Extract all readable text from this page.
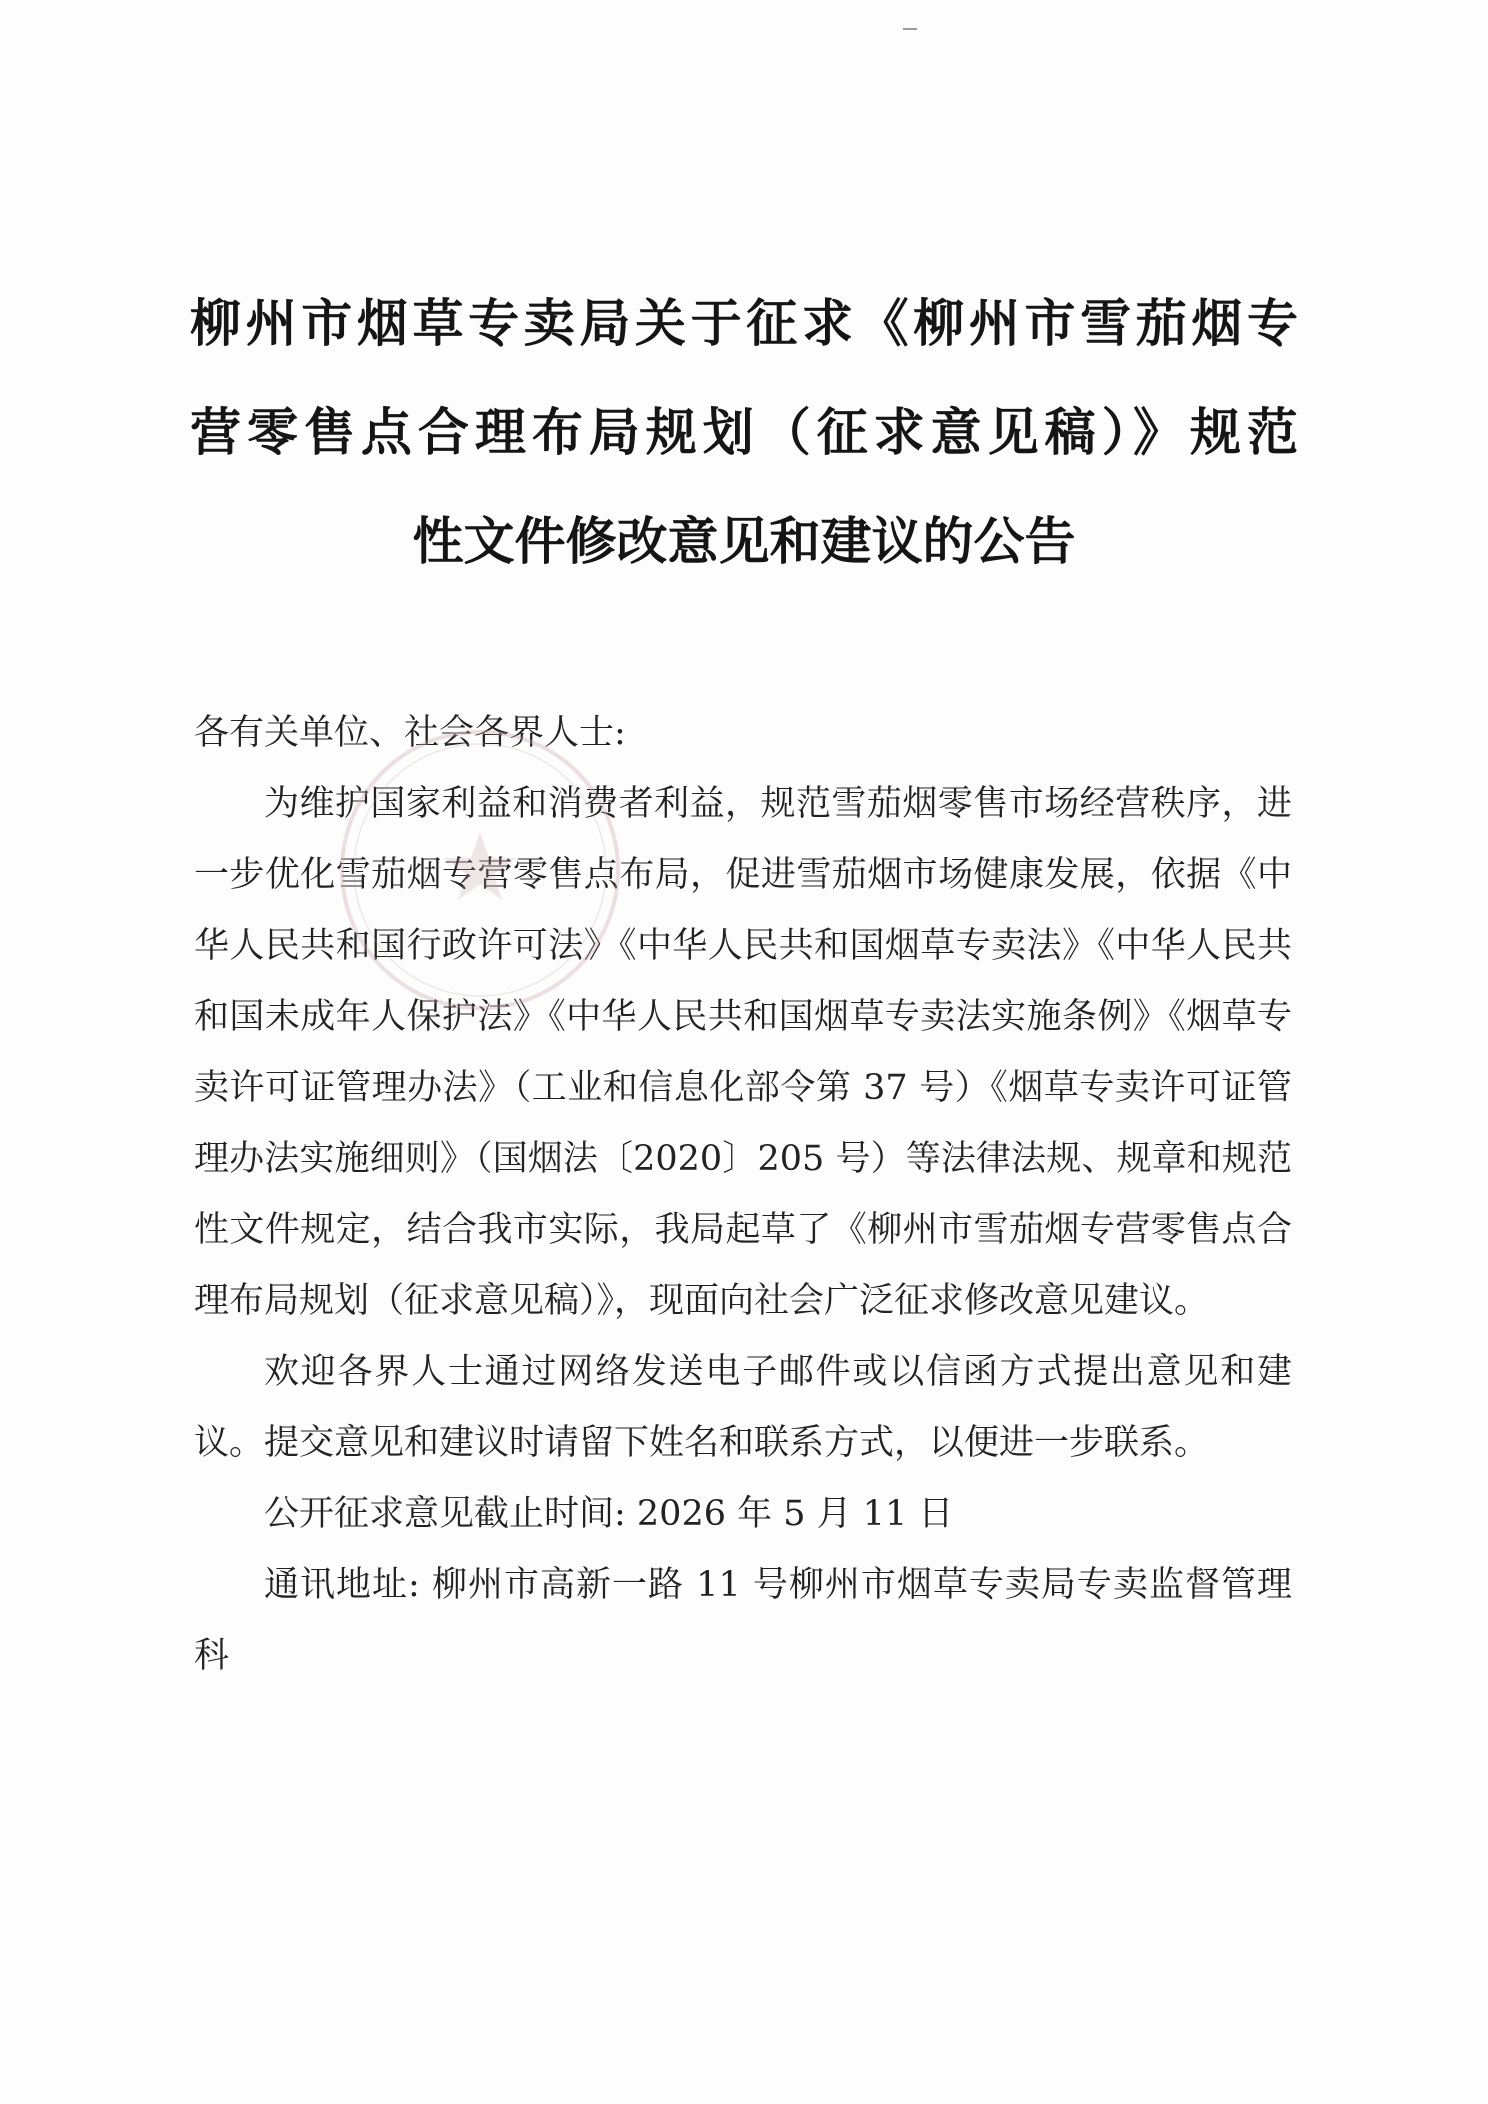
柳州市烟草专卖局关于征求《柳州市雪茄烟专
营零售点合理布局规划（征求意见稿）》规范
性文件修改意见和建议的公告

各有关单位、社会各界人士:

为维护国家利益和消费者利益，规范雪茄烟零售市场经营秩序，进一步优化雪茄烟专营零售点布局，促进雪茄烟市场健康发展，依据《中华人民共和国行政许可法》《中华人民共和国烟草专卖法》《中华人民共和国未成年人保护法》《中华人民共和国烟草专卖法实施条例》《烟草专卖许可证管理办法》（工业和信息化部令第 37 号）《烟草专卖许可证管理办法实施细则》（国烟法〔2020〕205 号）等法律法规、规章和规范性文件规定，结合我市实际，我局起草了《柳州市雪茄烟专营零售点合理布局规划（征求意见稿）》，现面向社会广泛征求修改意见建议。

欢迎各界人士通过网络发送电子邮件或以信函方式提出意见和建议。提交意见和建议时请留下姓名和联系方式，以便进一步联系。

公开征求意见截止时间: 2026 年 5 月 11 日

通讯地址: 柳州市高新一路 11 号柳州市烟草专卖局专卖监督管理科
